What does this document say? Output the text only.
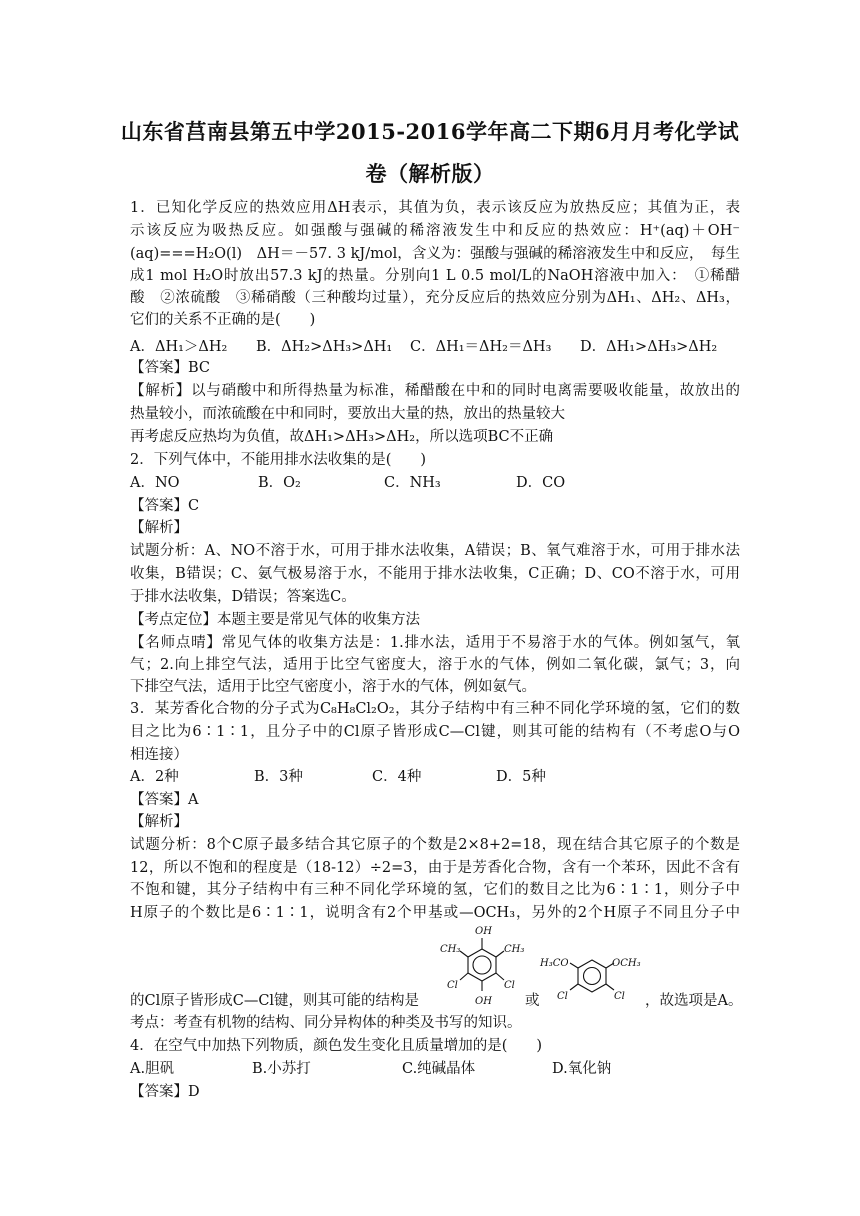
山东省莒南县第五中学2015-2016学年高二下期6月月考化学试
卷（解析版）
1．已知化学反应的热效应用ΔH表示，其值为负，表示该反应为放热反应；其值为正，表
示该反应为吸热反应。如强酸与强碱的稀溶液发生中和反应的热效应：H⁺(aq)＋OH⁻
(aq)===H₂O(l)　ΔH＝－57. 3 kJ/mol，含义为：强酸与强碱的稀溶液发生中和反应，　每生
成1 mol H₂O时放出57.3 kJ的热量。分别向1 L 0.5 mol/L的NaOH溶液中加入：　①稀醋
酸　②浓硫酸　③稀硝酸（三种酸均过量），充分反应后的热效应分别为ΔH₁、ΔH₂、ΔH₃，
它们的关系不正确的是(　　)
A．ΔH₁＞ΔH₂ B．ΔH₂>ΔH₃>ΔH₁ C．ΔH₁＝ΔH₂＝ΔH₃ D．ΔH₁>ΔH₃>ΔH₂
【答案】BC
【解析】以与硝酸中和所得热量为标准，稀醋酸在中和的同时电离需要吸收能量，故放出的
热量较小，而浓硫酸在中和同时，要放出大量的热，放出的热量较大
再考虑反应热均为负值，故ΔH₁>ΔH₃>ΔH₂，所以选项BC不正确
2．下列气体中，不能用排水法收集的是(　　)
A．NO	B．O₂	C．NH₃	D．CO
【答案】C
【解析】
试题分析：A、NO不溶于水，可用于排水法收集，A错误；B、氧气难溶于水，可用于排水法
收集，B错误；C、氨气极易溶于水，不能用于排水法收集，C正确；D、CO不溶于水，可用
于排水法收集，D错误；答案选C。
【考点定位】本题主要是常见气体的收集方法
【名师点晴】常见气体的收集方法是：1.排水法，适用于不易溶于水的气体。例如氢气，氧
气；2.向上排空气法，适用于比空气密度大，溶于水的气体，例如二氧化碳，氯气；3，向
下排空气法，适用于比空气密度小，溶于水的气体，例如氨气。
3．某芳香化合物的分子式为C₈H₈Cl₂O₂，其分子结构中有三种不同化学环境的氢，它们的数
目之比为6∶1∶1，且分子中的Cl原子皆形成C—Cl键，则其可能的结构有（不考虑O与O
相连接）
A．2种	B．3种	C．4种	D．5种
【答案】A
【解析】
试题分析：8个C原子最多结合其它原子的个数是2×8+2=18，现在结合其它原子的个数是
12，所以不饱和的程度是（18-12）÷2=3，由于是芳香化合物，含有一个苯环，因此不含有
不饱和键，其分子结构中有三种不同化学环境的氢，它们的数目之比为6∶1∶1，则分子中
H原子的个数比是6∶1∶1，说明含有2个甲基或—OCH₃，另外的2个H原子不同且分子中
的Cl原子皆形成C—Cl键，则其可能的结构是
OH
CH₃	CH₃
Cl	Cl
OH 或
H₃CO	OCH₃
Cl	Cl ，故选项是A。
考点：考查有机物的结构、同分异构体的种类及书写的知识。
4．在空气中加热下列物质，颜色发生变化且质量增加的是(　　)
A.胆矾	B.小苏打	C.纯碱晶体	D.氧化钠
【答案】D
